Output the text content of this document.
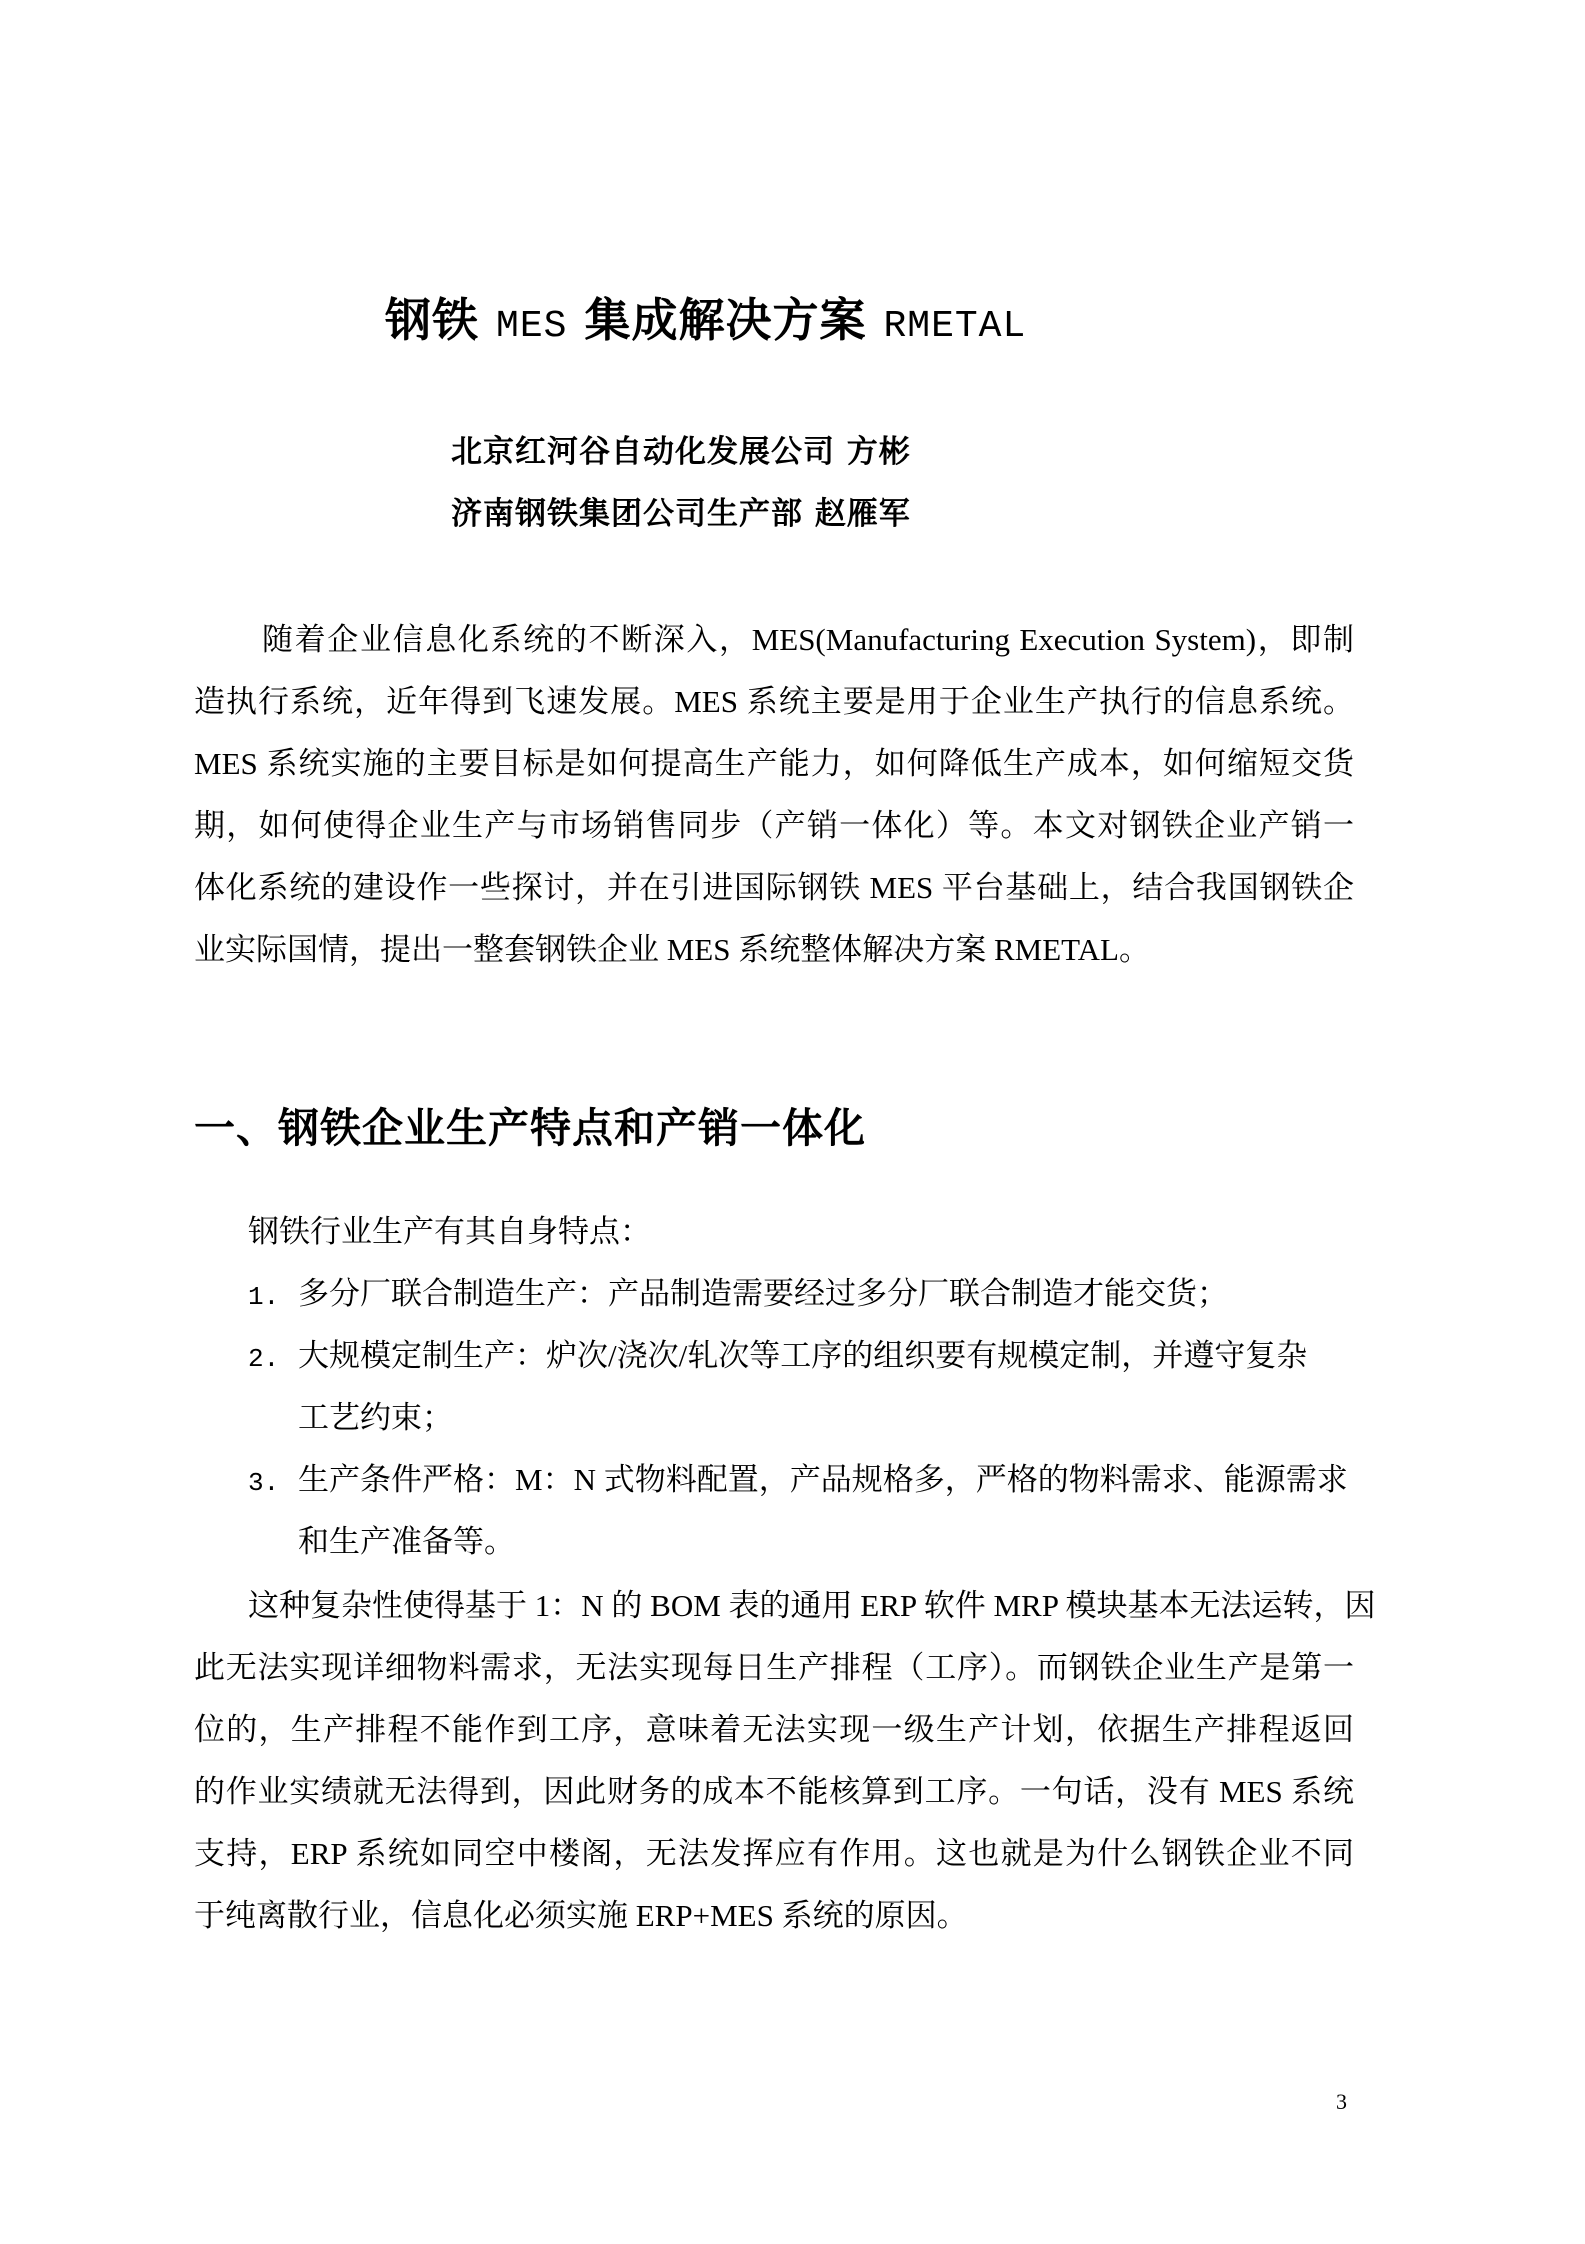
钢铁 MES 集成解决方案 RMETAL
北京红河谷自动化发展公司 方彬
济南钢铁集团公司生产部 赵雁军
随着企业信息化系统的不断深入，MES(Manufacturing Execution System)，即制
造执行系统，近年得到飞速发展。MES 系统主要是用于企业生产执行的信息系统。
MES 系统实施的主要目标是如何提高生产能力，如何降低生产成本，如何缩短交货
期，如何使得企业生产与市场销售同步（产销一体化）等。本文对钢铁企业产销一
体化系统的建设作一些探讨，并在引进国际钢铁 MES 平台基础上，结合我国钢铁企
业实际国情，提出一整套钢铁企业 MES 系统整体解决方案 RMETAL。
一、钢铁企业生产特点和产销一体化
钢铁行业生产有其自身特点：
1. 多分厂联合制造生产：产品制造需要经过多分厂联合制造才能交货；
2. 大规模定制生产：炉次/浇次/轧次等工序的组织要有规模定制，并遵守复杂
工艺约束；
3. 生产条件严格：M：N 式物料配置，产品规格多，严格的物料需求、能源需求
和生产准备等。
这种复杂性使得基于 1：N 的 BOM 表的通用 ERP 软件 MRP 模块基本无法运转，因
此无法实现详细物料需求，无法实现每日生产排程（工序）。而钢铁企业生产是第一
位的，生产排程不能作到工序，意味着无法实现一级生产计划，依据生产排程返回
的作业实绩就无法得到，因此财务的成本不能核算到工序。一句话，没有 MES 系统
支持，ERP 系统如同空中楼阁，无法发挥应有作用。这也就是为什么钢铁企业不同
于纯离散行业，信息化必须实施 ERP+MES 系统的原因。
3
